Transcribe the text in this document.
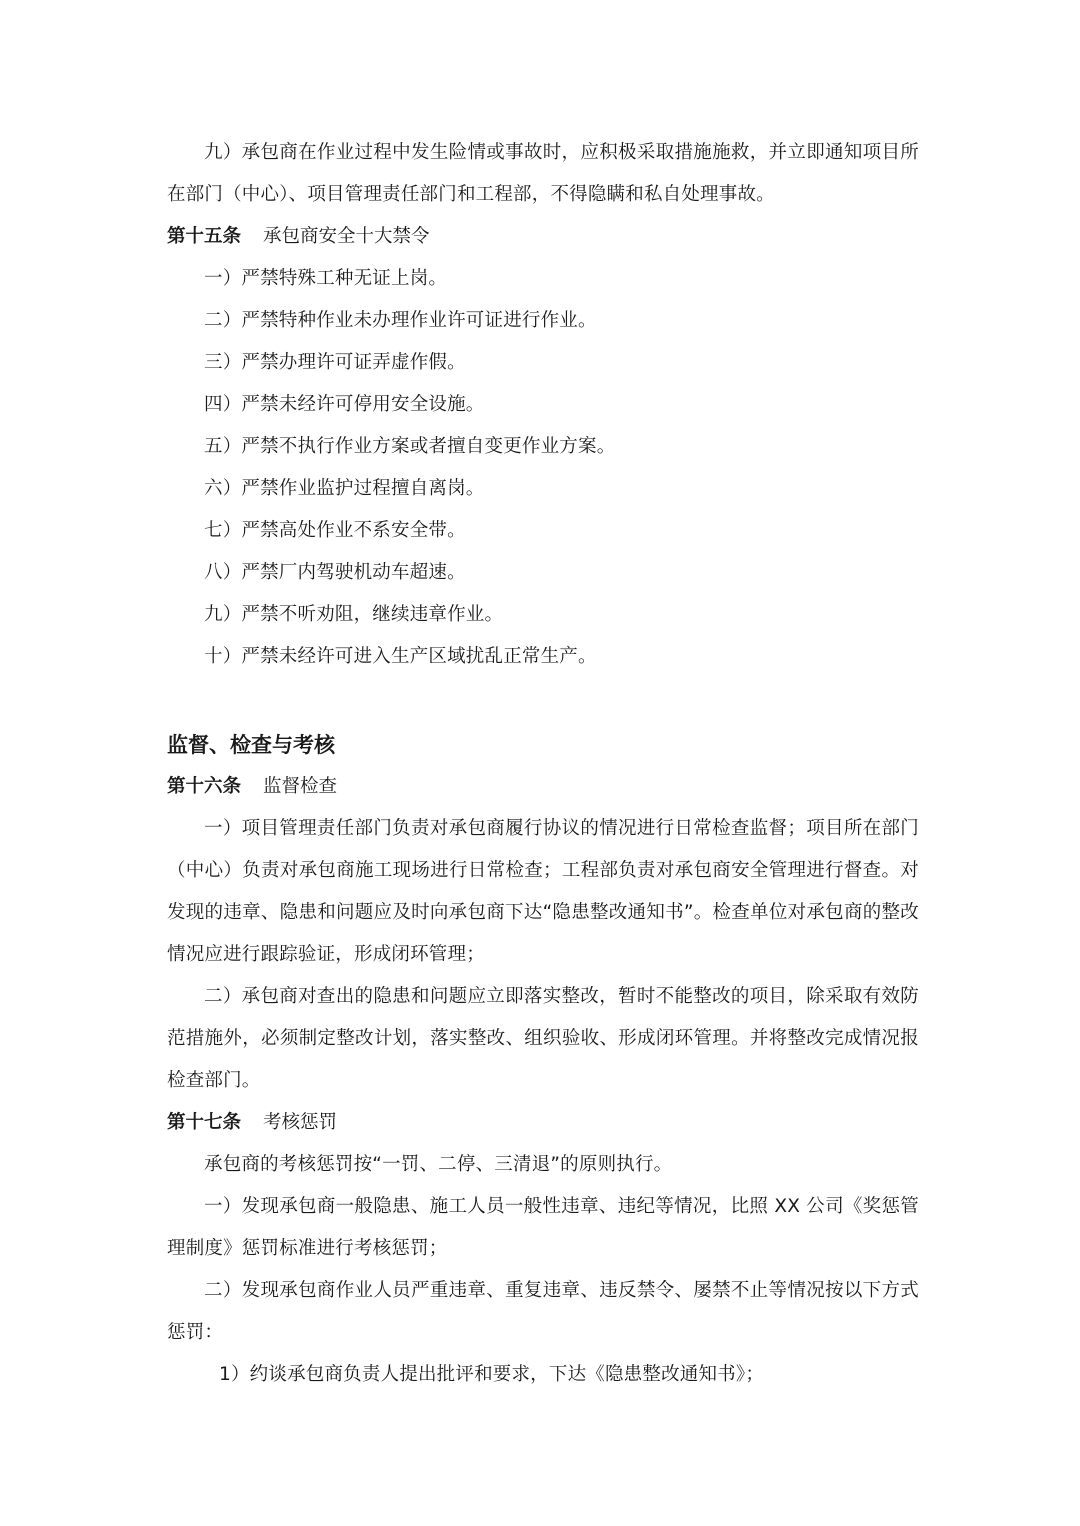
九）承包商在作业过程中发生险情或事故时，应积极采取措施施救，并立即通知项目所在部门（中心）、项目管理责任部门和工程部，不得隐瞒和私自处理事故。

第十五条 承包商安全十大禁令

一）严禁特殊工种无证上岗。

二）严禁特种作业未办理作业许可证进行作业。

三）严禁办理许可证弄虚作假。

四）严禁未经许可停用安全设施。

五）严禁不执行作业方案或者擅自变更作业方案。

六）严禁作业监护过程擅自离岗。

七）严禁高处作业不系安全带。

八）严禁厂内驾驶机动车超速。

九）严禁不听劝阻，继续违章作业。

十）严禁未经许可进入生产区域扰乱正常生产。

监督、检查与考核

第十六条 监督检查

一）项目管理责任部门负责对承包商履行协议的情况进行日常检查监督；项目所在部门（中心）负责对承包商施工现场进行日常检查；工程部负责对承包商安全管理进行督查。对发现的违章、隐患和问题应及时向承包商下达“隐患整改通知书”。检查单位对承包商的整改情况应进行跟踪验证，形成闭环管理；

二）承包商对查出的隐患和问题应立即落实整改，暂时不能整改的项目，除采取有效防范措施外，必须制定整改计划，落实整改、组织验收、形成闭环管理。并将整改完成情况报检查部门。

第十七条 考核惩罚

承包商的考核惩罚按“一罚、二停、三清退”的原则执行。

一）发现承包商一般隐患、施工人员一般性违章、违纪等情况，比照 XX 公司《奖惩管理制度》惩罚标准进行考核惩罚；

二）发现承包商作业人员严重违章、重复违章、违反禁令、屡禁不止等情况按以下方式惩罚：

1）约谈承包商负责人提出批评和要求，下达《隐患整改通知书》；
